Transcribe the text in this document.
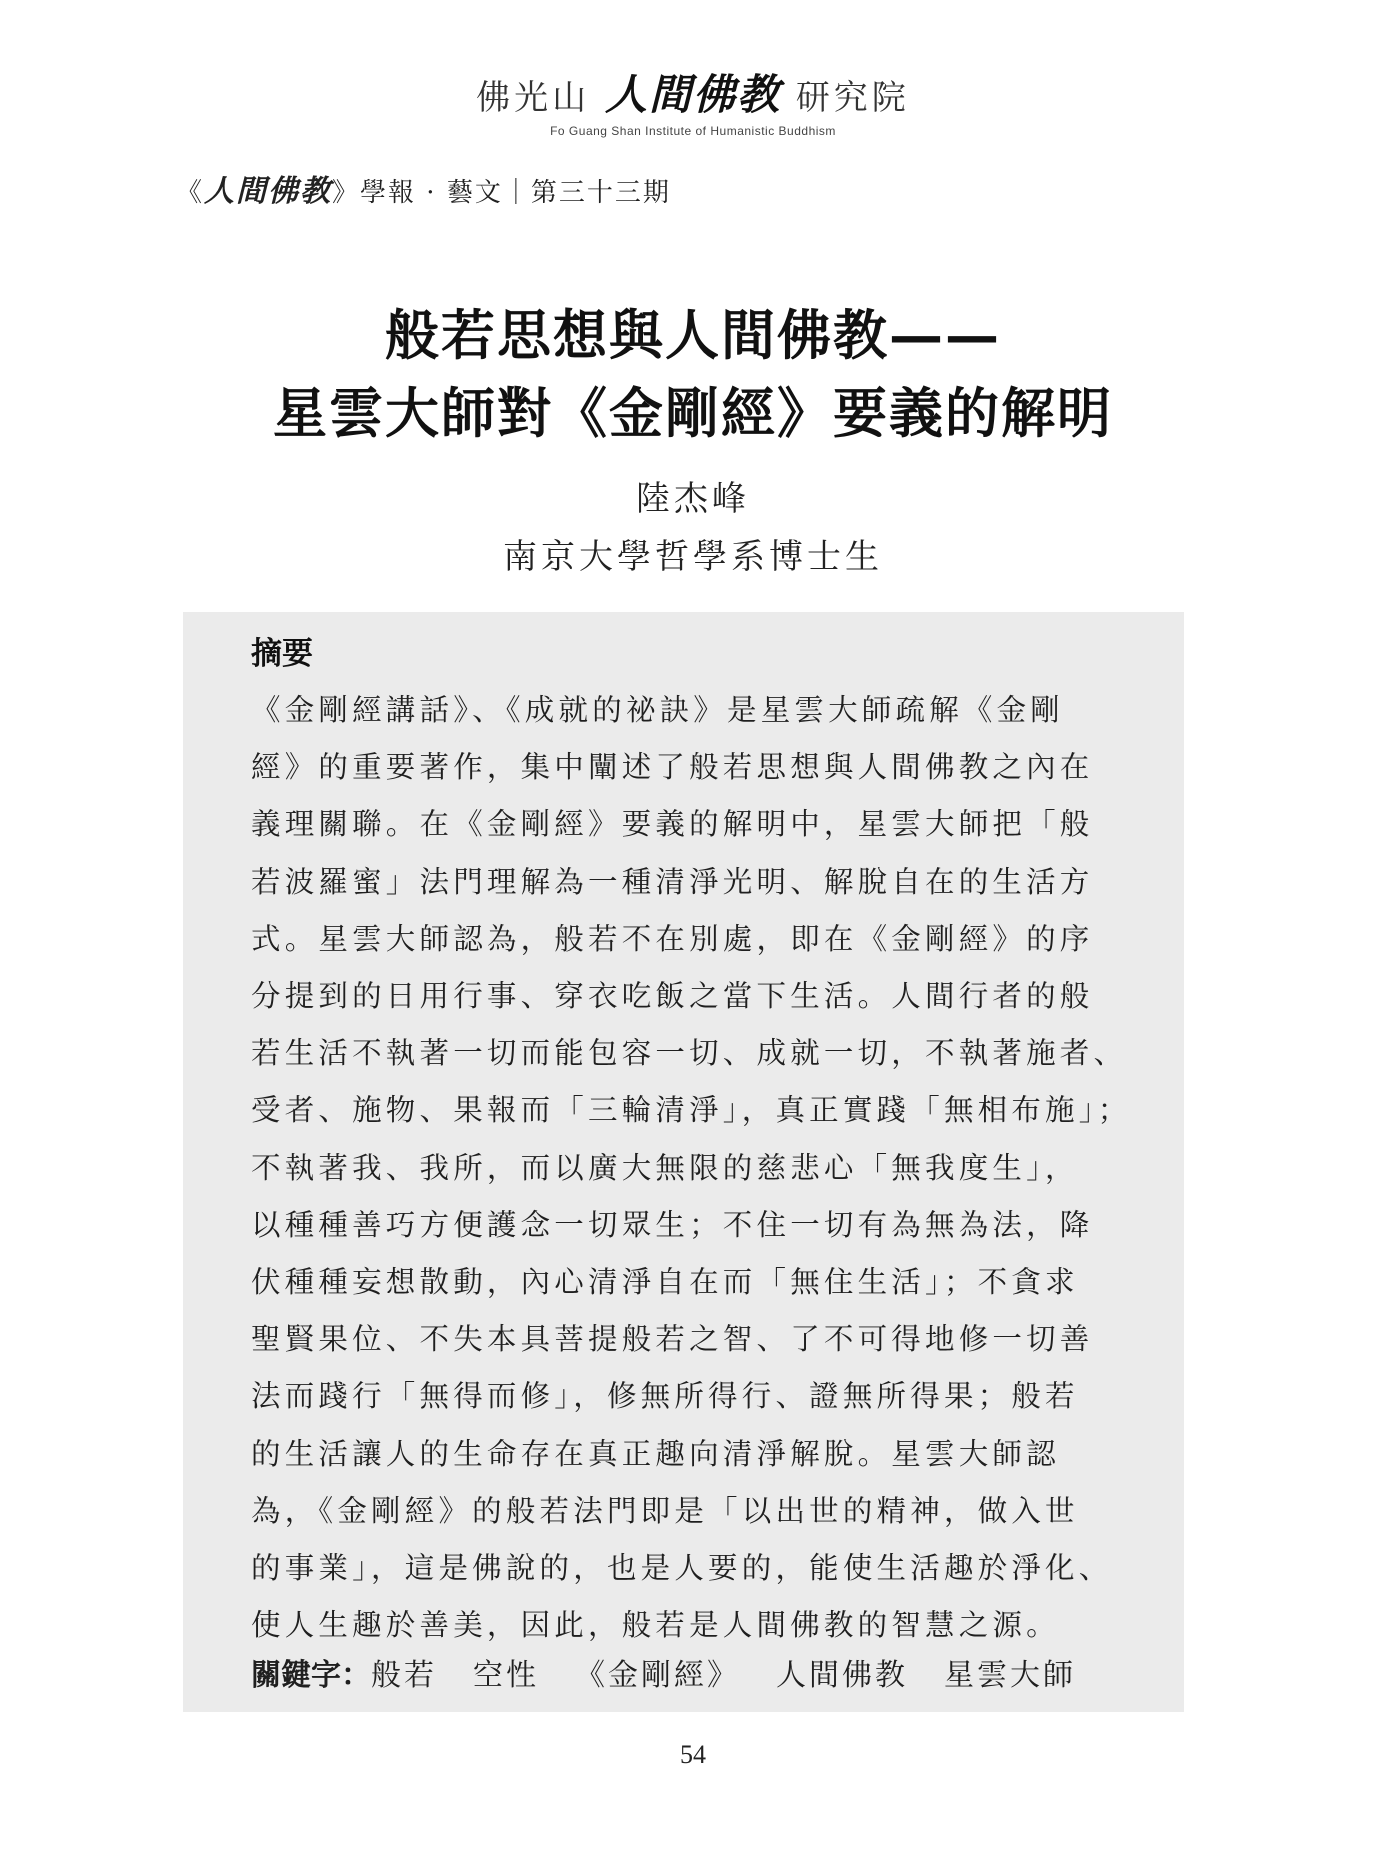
佛光山 人間佛教 研究院
Fo Guang Shan Institute of Humanistic Buddhism
《人間佛教》學報 · 藝文｜第三十三期
般若思想與人間佛教——
星雲大師對《金剛經》要義的解明
陸杰峰
南京大學哲學系博士生
摘要
《金剛經講話》、《成就的祕訣》是星雲大師疏解《金剛
經》的重要著作，集中闡述了般若思想與人間佛教之內在
義理關聯。在《金剛經》要義的解明中，星雲大師把「般
若波羅蜜」法門理解為一種清淨光明、解脫自在的生活方
式。星雲大師認為，般若不在別處，即在《金剛經》的序
分提到的日用行事、穿衣吃飯之當下生活。人間行者的般
若生活不執著一切而能包容一切、成就一切，不執著施者、
受者、施物、果報而「三輪清淨」，真正實踐「無相布施」；
不執著我、我所，而以廣大無限的慈悲心「無我度生」，
以種種善巧方便護念一切眾生；不住一切有為無為法，降
伏種種妄想散動，內心清淨自在而「無住生活」；不貪求
聖賢果位、不失本具菩提般若之智、了不可得地修一切善
法而踐行「無得而修」，修無所得行、證無所得果；般若
的生活讓人的生命存在真正趣向清淨解脫。星雲大師認
為，《金剛經》的般若法門即是「以出世的精神，做入世
的事業」，這是佛說的，也是人要的，能使生活趣於淨化、
使人生趣於善美，因此，般若是人間佛教的智慧之源。
關鍵字：般若 空性 《金剛經》 人間佛教 星雲大師
54
